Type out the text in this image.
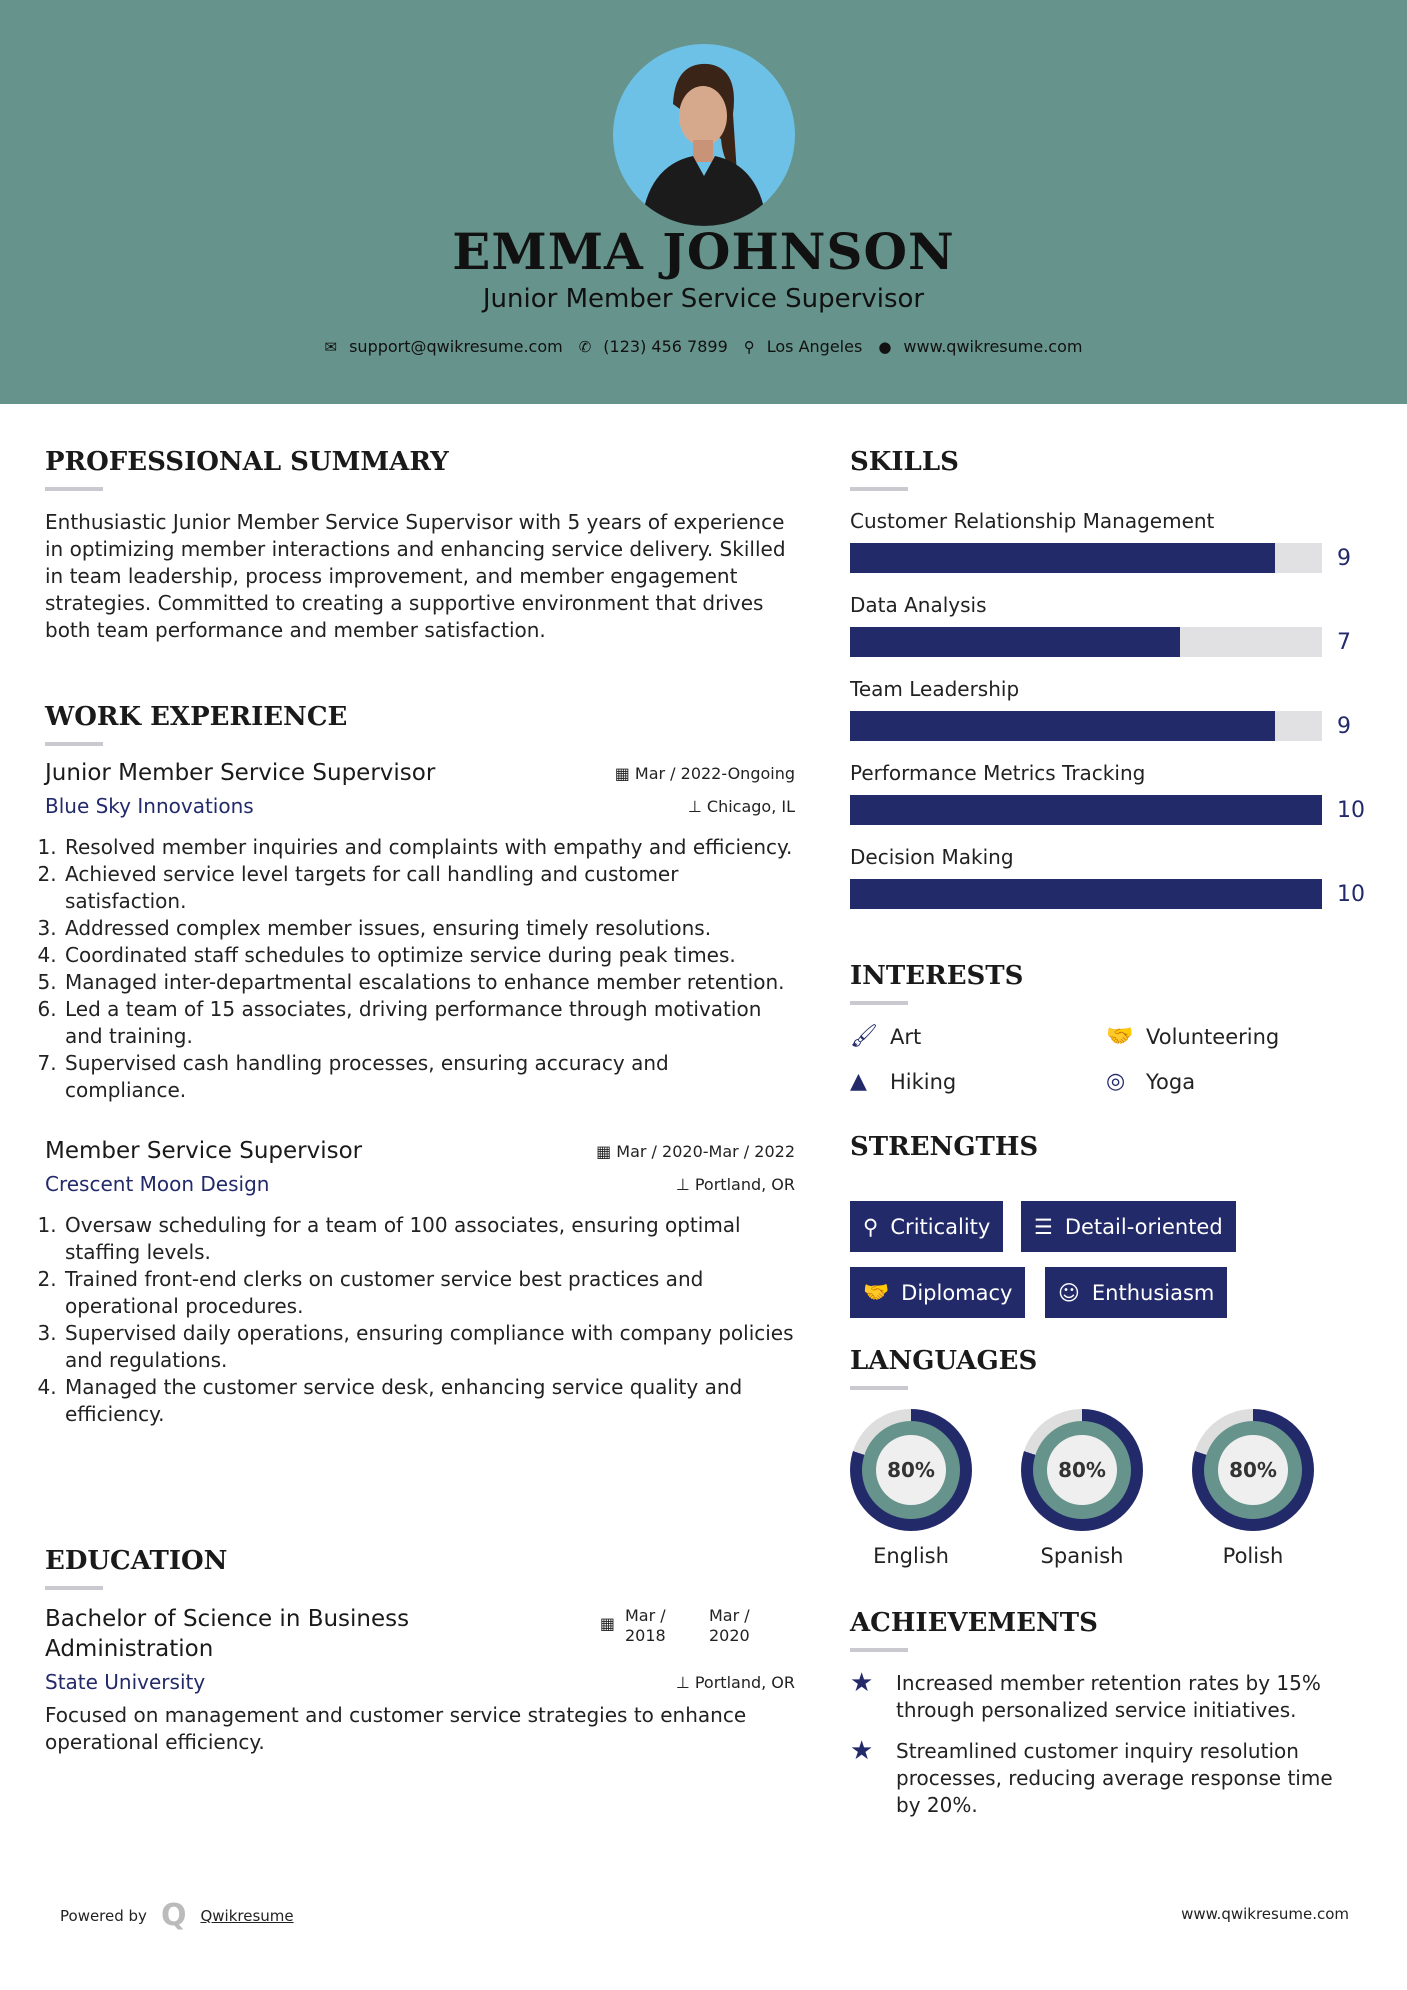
EMMA JOHNSON
Junior Member Service Supervisor
✉ support@qwikresume.com ✆ (123) 456 7899 ⚲ Los Angeles ● www.qwikresume.com
PROFESSIONAL SUMMARY
Enthusiastic Junior Member Service Supervisor with 5 years of experience in optimizing member interactions and enhancing service delivery. Skilled in team leadership, process improvement, and member engagement strategies. Committed to creating a supportive environment that drives both team performance and member satisfaction.
WORK EXPERIENCE
Junior Member Service Supervisor	▦ Mar / 2022-Ongoing
Blue Sky Innovations	⊥ Chicago, IL
1. Resolved member inquiries and complaints with empathy and efficiency.
2. Achieved service level targets for call handling and customer satisfaction.
3. Addressed complex member issues, ensuring timely resolutions.
4. Coordinated staff schedules to optimize service during peak times.
5. Managed inter-departmental escalations to enhance member retention.
6. Led a team of 15 associates, driving performance through motivation and training.
7. Supervised cash handling processes, ensuring accuracy and compliance.
Member Service Supervisor	▦ Mar / 2020-Mar / 2022
Crescent Moon Design	⊥ Portland, OR
1. Oversaw scheduling for a team of 100 associates, ensuring optimal staffing levels.
2. Trained front-end clerks on customer service best practices and operational procedures.
3. Supervised daily operations, ensuring compliance with company policies and regulations.
4. Managed the customer service desk, enhancing service quality and efficiency.
EDUCATION
Bachelor of Science in Business Administration
▦ Mar / 2018
Mar / 2020
State University	⊥ Portland, OR
Focused on management and customer service strategies to enhance operational efficiency.
SKILLS
Customer Relationship Management
9
Data Analysis
7
Team Leadership
9
Performance Metrics Tracking
10
Decision Making
10
INTERESTS
🖌 Art	🤝 Volunteering
▲	Hiking	◎ Yoga
STRENGTHS
⚲ Criticality ☰ Detail-oriented
🤝 Diplomacy ☺ Enthusiasm
LANGUAGES
80%
English
80%
Spanish
80%
Polish
ACHIEVEMENTS
★	Increased member retention rates by 15% through personalized service initiatives.
★	Streamlined customer inquiry resolution processes, reducing average response time by 20%.
Powered by Q Qwikresume	www.qwikresume.com
